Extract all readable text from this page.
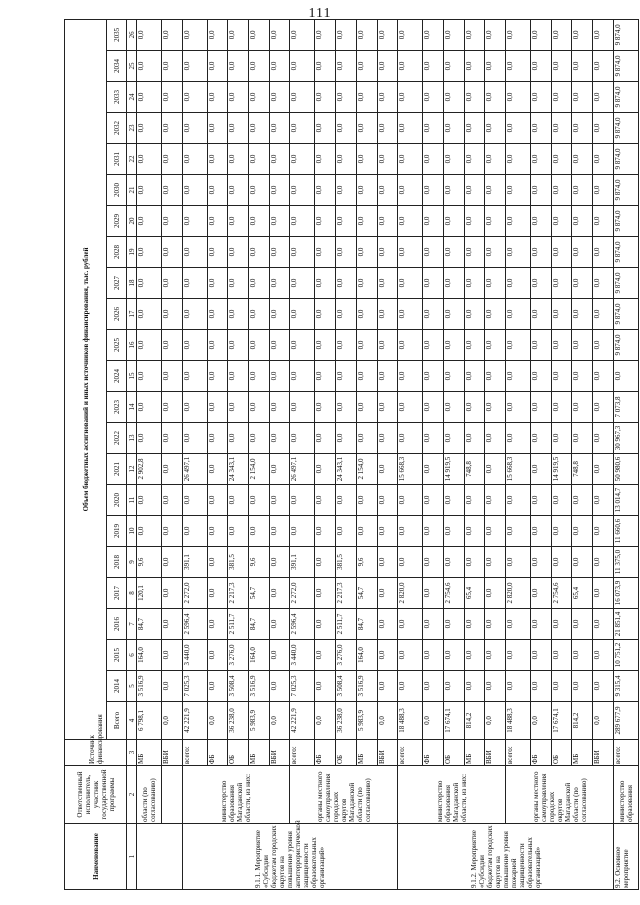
111
Наименование	Ответственный исполнитель, участник государственной программы	Источник финансирования	Объем бюджетных ассигнований и иных источников финансирования, тыс. рублей																						
			Всего	2014	2015	2016	2017	2018	2019	2020	2021	2022	2023	2024	2025	2026	2027	2028	2029	2030	2031	2032	2033	2034	2035
1	2	3	4	5	6	7	8	9	10	11	12	13	14	15	16	17	18	19	20	21	22	23	24	25	26
	области (по согласованию)	МБ	6 798,1	3 516,9	164,0	84,7	120,1	9,6	0,0	0,0	2 902,8	0,0	0,0	0,0	0,0	0,0	0,0	0,0	0,0	0,0	0,0	0,0	0,0	0,0	0,0
		ВБИ	0,0	0,0	0,0	0,0	0,0	0,0	0,0	0,0	0,0	0,0	0,0	0,0	0,0	0,0	0,0	0,0	0,0	0,0	0,0	0,0	0,0	0,0	0,0
9.1.1. Мероприятие «Субсидии бюджетам городских округов на повышение уровня антитеррористической защищенности образовательных организаций»	министерство образования Магаданской области, из них:	всего:	42 221,9	7 025,3	3 440,0	2 596,4	2 272,0	391,1	0,0	0,0	26 497,1	0,0	0,0	0,0	0,0	0,0	0,0	0,0	0,0	0,0	0,0	0,0	0,0	0,0	0,0
		ФБ	0,0	0,0	0,0	0,0	0,0	0,0	0,0	0,0	0,0	0,0	0,0	0,0	0,0	0,0	0,0	0,0	0,0	0,0	0,0	0,0	0,0	0,0	0,0
		ОБ	36 238,0	3 508,4	3 276,0	2 511,7	2 217,3	381,5	0,0	0,0	24 343,1	0,0	0,0	0,0	0,0	0,0	0,0	0,0	0,0	0,0	0,0	0,0	0,0	0,0	0,0
		МБ	5 983,9	3 516,9	164,0	84,7	54,7	9,6	0,0	0,0	2 154,0	0,0	0,0	0,0	0,0	0,0	0,0	0,0	0,0	0,0	0,0	0,0	0,0	0,0	0,0
		ВБИ	0,0	0,0	0,0	0,0	0,0	0,0	0,0	0,0	0,0	0,0	0,0	0,0	0,0	0,0	0,0	0,0	0,0	0,0	0,0	0,0	0,0	0,0	0,0
	органы местного самоуправления городских округов Магаданской области (по согласованию)	всего:	42 221,9	7 025,3	3 440,0	2 596,4	2 272,0	391,1	0,0	0,0	26 497,1	0,0	0,0	0,0	0,0	0,0	0,0	0,0	0,0	0,0	0,0	0,0	0,0	0,0	0,0
		ФБ	0,0	0,0	0,0	0,0	0,0	0,0	0,0	0,0	0,0	0,0	0,0	0,0	0,0	0,0	0,0	0,0	0,0	0,0	0,0	0,0	0,0	0,0	0,0
		ОБ	36 238,0	3 508,4	3 276,0	2 511,7	2 217,3	381,5	0,0	0,0	24 343,1	0,0	0,0	0,0	0,0	0,0	0,0	0,0	0,0	0,0	0,0	0,0	0,0	0,0	0,0
		МБ	5 983,9	3 516,9	164,0	84,7	54,7	9,6	0,0	0,0	2 154,0	0,0	0,0	0,0	0,0	0,0	0,0	0,0	0,0	0,0	0,0	0,0	0,0	0,0	0,0
		ВБИ	0,0	0,0	0,0	0,0	0,0	0,0	0,0	0,0	0,0	0,0	0,0	0,0	0,0	0,0	0,0	0,0	0,0	0,0	0,0	0,0	0,0	0,0	0,0
9.1.2. Мероприятие «Субсидии бюджетам городских округов на повышение уровня пожарной защищенности образовательных организаций»	министерство образования Магаданской области, из них:	всего:	18 488,3	0,0	0,0	0,0	2 820,0	0,0	0,0	0,0	15 668,3	0,0	0,0	0,0	0,0	0,0	0,0	0,0	0,0	0,0	0,0	0,0	0,0	0,0	0,0
		ФБ	0,0	0,0	0,0	0,0	0,0	0,0	0,0	0,0	0,0	0,0	0,0	0,0	0,0	0,0	0,0	0,0	0,0	0,0	0,0	0,0	0,0	0,0	0,0
		ОБ	17 674,1	0,0	0,0	0,0	2 754,6	0,0	0,0	0,0	14 919,5	0,0	0,0	0,0	0,0	0,0	0,0	0,0	0,0	0,0	0,0	0,0	0,0	0,0	0,0
		МБ	814,2	0,0	0,0	0,0	65,4	0,0	0,0	0,0	748,8	0,0	0,0	0,0	0,0	0,0	0,0	0,0	0,0	0,0	0,0	0,0	0,0	0,0	0,0
		ВБИ	0,0	0,0	0,0	0,0	0,0	0,0	0,0	0,0	0,0	0,0	0,0	0,0	0,0	0,0	0,0	0,0	0,0	0,0	0,0	0,0	0,0	0,0	0,0
	органы местного самоуправления городских округов Магаданской области (по согласованию)	всего:	18 488,3	0,0	0,0	0,0	2 820,0	0,0	0,0	0,0	15 668,3	0,0	0,0	0,0	0,0	0,0	0,0	0,0	0,0	0,0	0,0	0,0	0,0	0,0	0,0
		ФБ	0,0	0,0	0,0	0,0	0,0	0,0	0,0	0,0	0,0	0,0	0,0	0,0	0,0	0,0	0,0	0,0	0,0	0,0	0,0	0,0	0,0	0,0	0,0
		ОБ	17 674,1	0,0	0,0	0,0	2 754,6	0,0	0,0	0,0	14 919,5	0,0	0,0	0,0	0,0	0,0	0,0	0,0	0,0	0,0	0,0	0,0	0,0	0,0	0,0
		МБ	814,2	0,0	0,0	0,0	65,4	0,0	0,0	0,0	748,8	0,0	0,0	0,0	0,0	0,0	0,0	0,0	0,0	0,0	0,0	0,0	0,0	0,0	0,0
		ВБИ	0,0	0,0	0,0	0,0	0,0	0,0	0,0	0,0	0,0	0,0	0,0	0,0	0,0	0,0	0,0	0,0	0,0	0,0	0,0	0,0	0,0	0,0	0,0
9.2. Основное мероприятие	министерство образования	всего:	289 677,9	9 315,4	10 751,2	21 851,4	16 073,9	11 375,0	11 660,6	13 014,7	50 980,6	30 967,3	7 073,8	0,0	9 874,0	9 874,0	9 874,0	9 874,0	9 874,0	9 874,0	9 874,0	9 874,0	9 874,0	9 874,0	9 874,0
